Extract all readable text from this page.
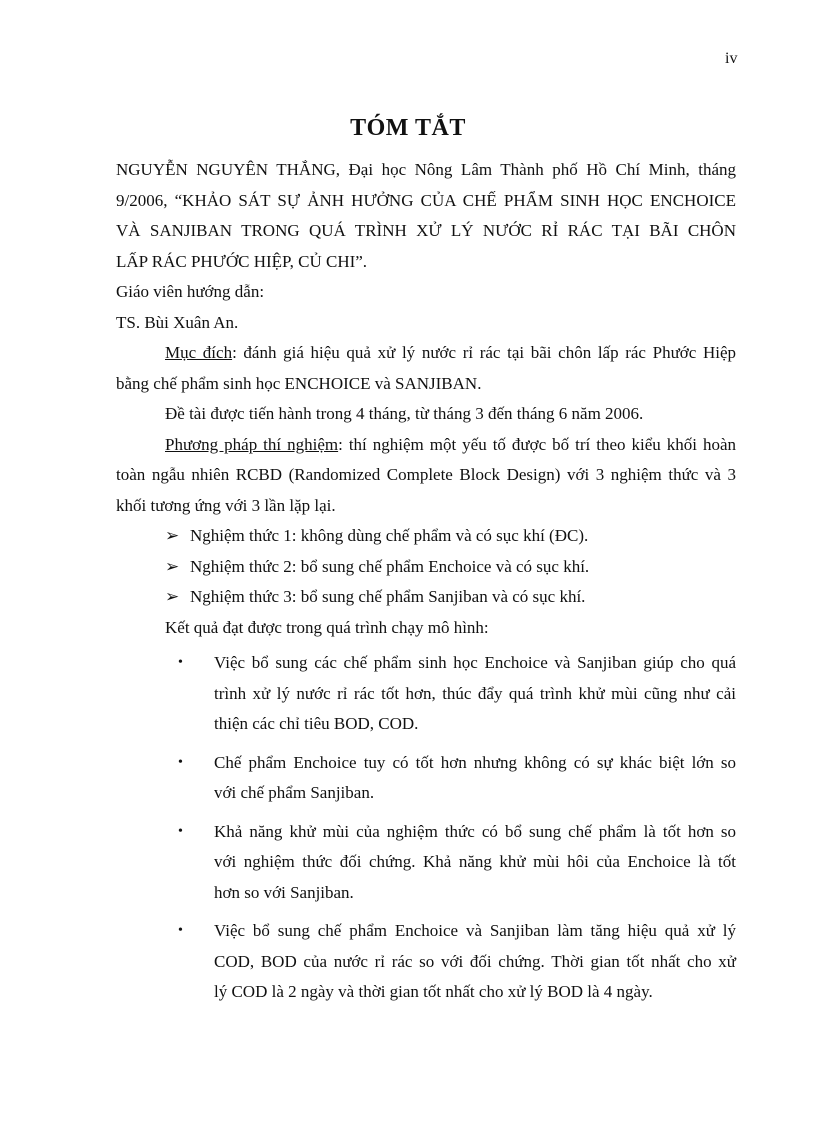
iv
TÓM TẮT

NGUYỄN NGUYÊN THẮNG, Đại học Nông Lâm Thành phố Hồ Chí Minh, tháng

9/2006, “KHẢO SÁT SỰ ẢNH HƯỞNG CỦA CHẾ PHẨM SINH HỌC ENCHOICE

VÀ SANJIBAN TRONG QUÁ TRÌNH XỬ LÝ NƯỚC RỈ RÁC TẠI BÃI CHÔN

LẤP RÁC PHƯỚC HIỆP, CỦ CHI”.

Giáo viên hướng dẫn:

TS. Bùi Xuân An.

Mục đích: đánh giá hiệu quả xử lý nước rỉ rác tại bãi chôn lấp rác Phước Hiệp

bằng chế phẩm sinh học ENCHOICE và SANJIBAN.

Đề tài được tiến hành trong 4 tháng, từ tháng 3 đến tháng 6 năm 2006.

Phương pháp thí nghiệm: thí nghiệm một yếu tố được bố trí theo kiểu khối hoàn

toàn ngẫu nhiên RCBD (Randomized Complete Block Design) với 3 nghiệm thức và 3

khối tương ứng với 3 lần lặp lại.

➢ Nghiệm thức 1: không dùng chế phẩm và có sục khí (ĐC).
➢ Nghiệm thức 2: bổ sung chế phẩm Enchoice và có sục khí.
➢ Nghiệm thức 3: bổ sung chế phẩm Sanjiban và có sục khí.

Kết quả đạt được trong quá trình chạy mô hình:

• Việc bổ sung các chế phẩm sinh học Enchoice và Sanjiban giúp cho quá

trình xử lý nước rỉ rác tốt hơn, thúc đẩy quá trình khử mùi cũng như cải

thiện các chỉ tiêu BOD, COD.

• Chế phẩm Enchoice tuy có tốt hơn nhưng không có sự khác biệt lớn so

với chế phẩm Sanjiban.

• Khả năng khử mùi của nghiệm thức có bổ sung chế phẩm là tốt hơn so

với nghiệm thức đối chứng. Khả năng khử mùi hôi của Enchoice là tốt

hơn so với Sanjiban.

• Việc bổ sung chế phẩm Enchoice và Sanjiban làm tăng hiệu quả xử lý

COD, BOD của nước rỉ rác so với đối chứng. Thời gian tốt nhất cho xử

lý COD là 2 ngày và thời gian tốt nhất cho xử lý BOD là 4 ngày.
